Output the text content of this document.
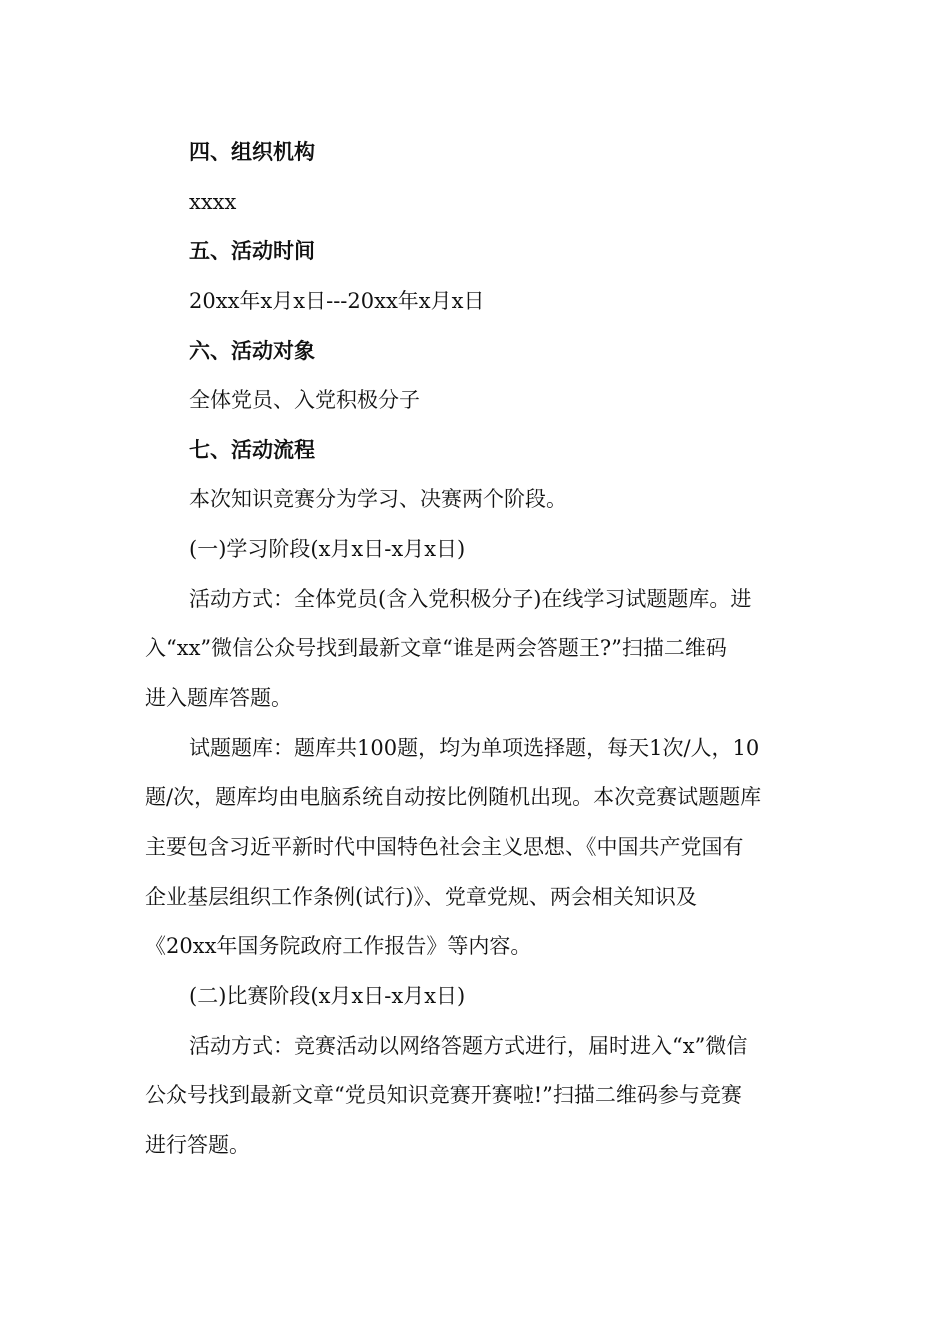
四、组织机构
xxxx
五、活动时间
20xx年x月x日---20xx年x月x日
六、活动对象
全体党员、入党积极分子
七、活动流程
本次知识竞赛分为学习、决赛两个阶段。
(一)学习阶段(x月x日-x月x日)
活动方式：全体党员(含入党积极分子)在线学习试题题库。进
入“xx”微信公众号找到最新文章“谁是两会答题王?”扫描二维码
进入题库答题。
试题题库：题库共100题，均为单项选择题，每天1次/人，10
题/次，题库均由电脑系统自动按比例随机出现。本次竞赛试题题库
主要包含习近平新时代中国特色社会主义思想、《中国共产党国有
企业基层组织工作条例(试行)》、党章党规、两会相关知识及
《20xx年国务院政府工作报告》等内容。
(二)比赛阶段(x月x日-x月x日)
活动方式：竞赛活动以网络答题方式进行，届时进入“x”微信
公众号找到最新文章“党员知识竞赛开赛啦!”扫描二维码参与竞赛
进行答题。
